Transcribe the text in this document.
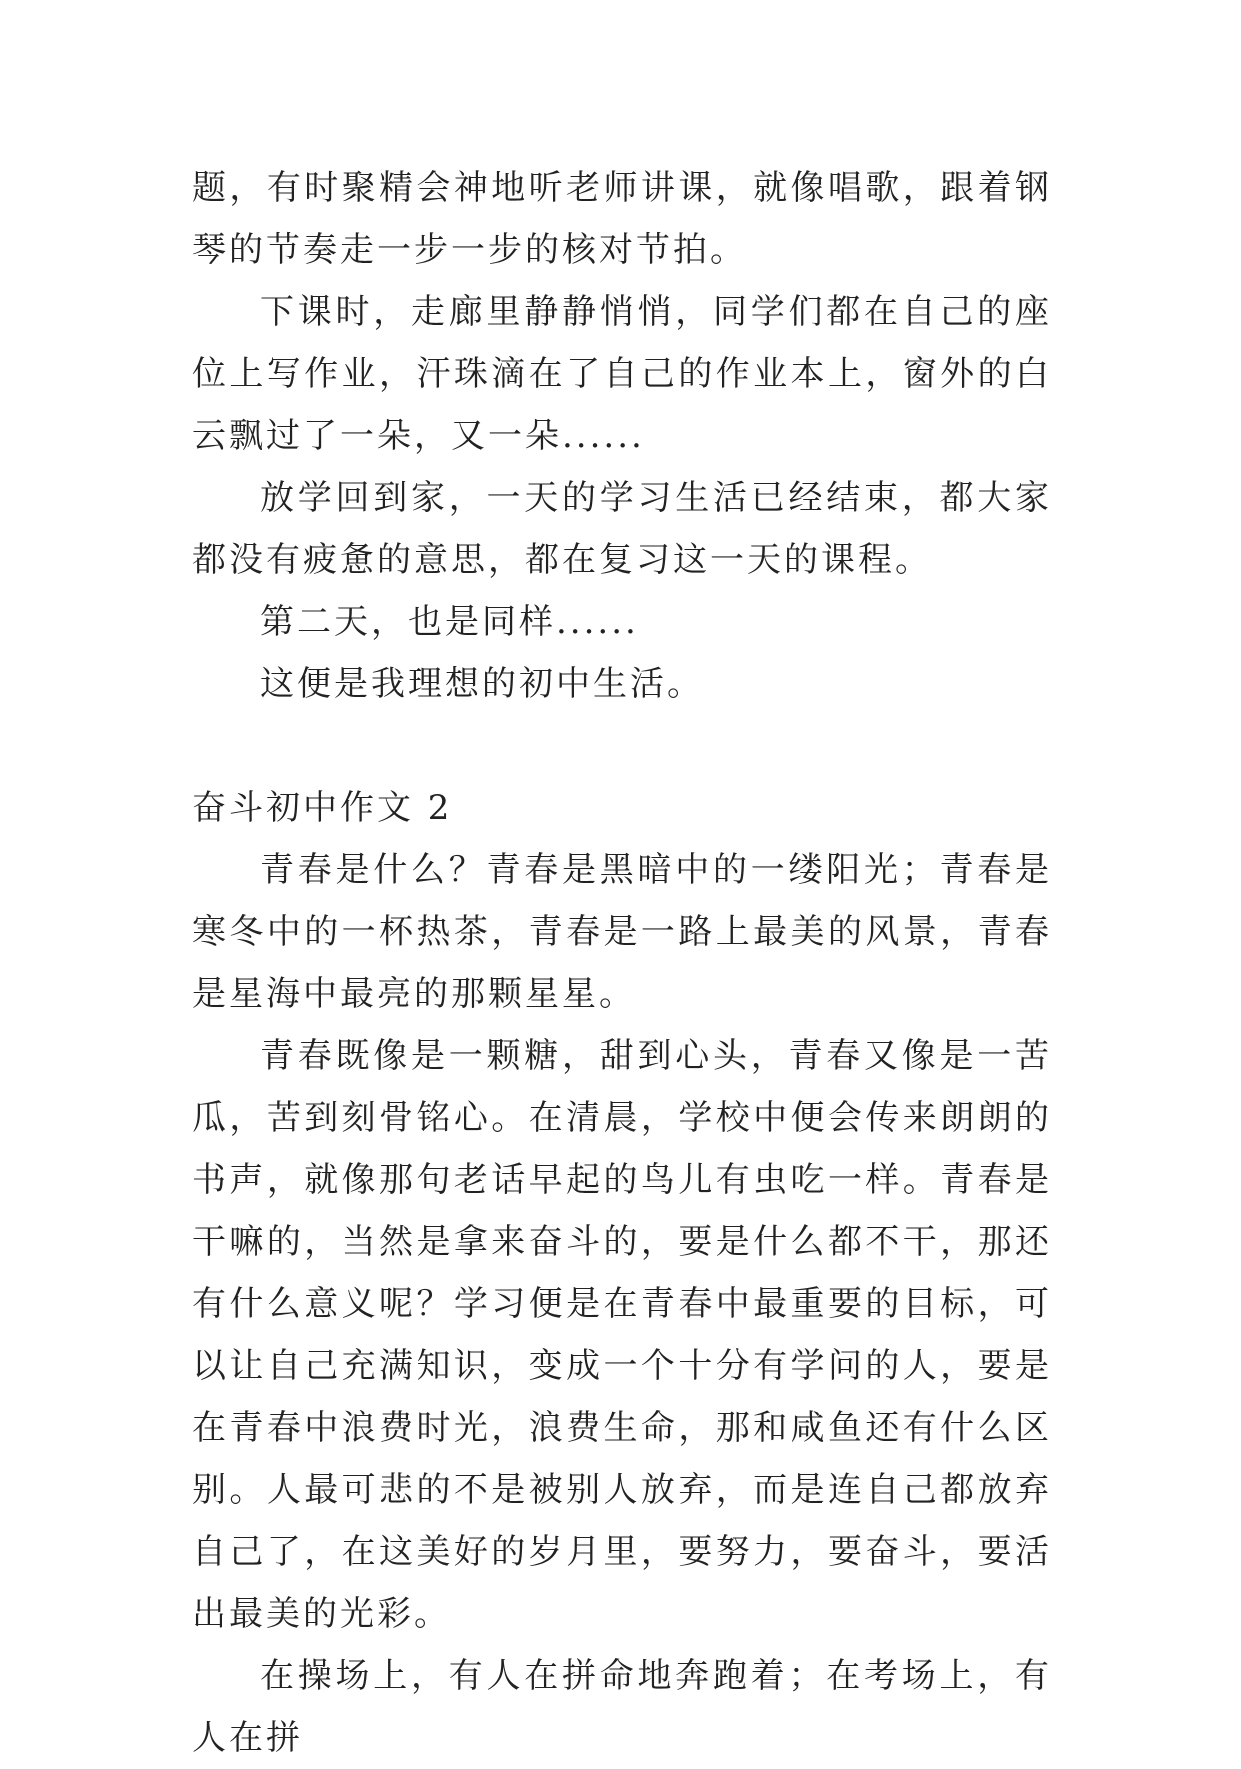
题，有时聚精会神地听老师讲课，就像唱歌，跟着钢琴的节奏走一步一步的核对节拍。

下课时，走廊里静静悄悄，同学们都在自己的座位上写作业，汗珠滴在了自己的作业本上，窗外的白云飘过了一朵，又一朵......

放学回到家，一天的学习生活已经结束，都大家都没有疲惫的意思，都在复习这一天的课程。

第二天，也是同样......

这便是我理想的初中生活。

奋斗初中作文 2

青春是什么？青春是黑暗中的一缕阳光；青春是寒冬中的一杯热茶，青春是一路上最美的风景，青春是星海中最亮的那颗星星。

青春既像是一颗糖，甜到心头，青春又像是一苦瓜，苦到刻骨铭心。在清晨，学校中便会传来朗朗的书声，就像那句老话早起的鸟儿有虫吃一样。青春是干嘛的，当然是拿来奋斗的，要是什么都不干，那还有什么意义呢？学习便是在青春中最重要的目标，可以让自己充满知识，变成一个十分有学问的人，要是在青春中浪费时光，浪费生命，那和咸鱼还有什么区别。人最可悲的不是被别人放弃，而是连自己都放弃自己了，在这美好的岁月里，要努力，要奋斗，要活出最美的光彩。

在操场上，有人在拼命地奔跑着；在考场上，有人在拼
